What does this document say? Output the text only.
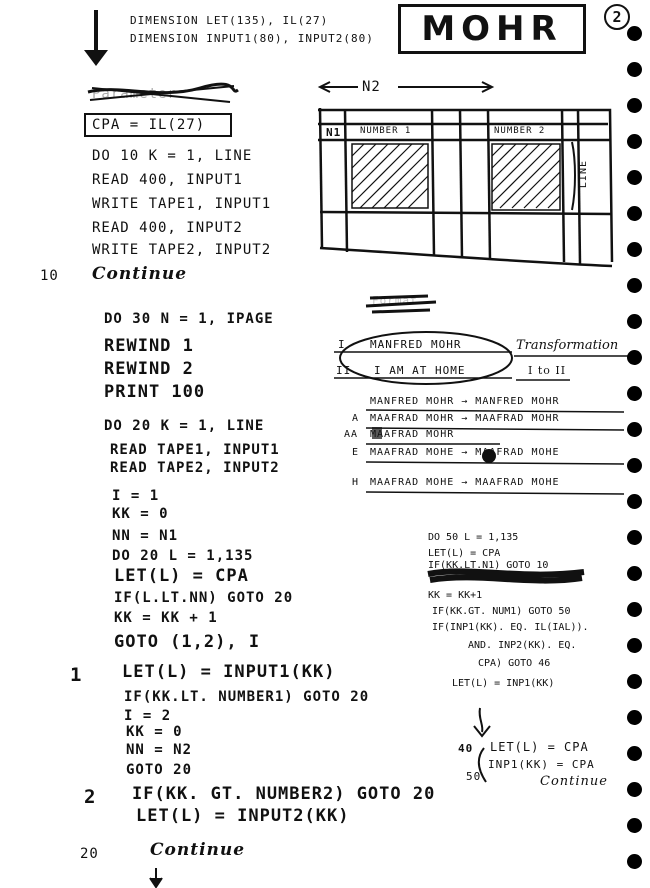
DIMENSION LET(135), IL(27)
DIMENSION INPUT1(80), INPUT2(80)	MOHR	2
Parameter
CPA = IL(27)
DO 10 K = 1, LINE
READ 400, INPUT1
WRITE TAPE1, INPUT1
READ 400, INPUT2
WRITE TAPE2, INPUT2
10 Continue
N2
N1 NUMBER 1	NUMBER 2
LINE
DO 30 N = 1, IPAGE
REWIND 1
REWIND 2
PRINT 100
DO 20 K = 1, LINE
READ TAPE1, INPUT1
READ TAPE2, INPUT2
I = 1
KK = 0
NN = N1
DO 20 L = 1,135
LET(L) = CPA
IF(L.LT.NN) GOTO 20
KK = KK + 1
GOTO (1,2), I
1 LET(L) = INPUT1(KK)
IF(KK.LT. NUMBER1) GOTO 20
I = 2
KK = 0
NN = N2
GOTO 20
2 IF(KK. GT. NUMBER2) GOTO 20
LET(L) = INPUT2(KK)
20	Continue
Format
I MANFRED MOHR
II I AM AT HOME
Transformation
I to II
MANFRED MOHR → MANFRED MOHR
A MAAFRAD MOHR → MAAFRAD MOHR
AA MAAFRAD MOHR
E MAAFRAD MOHE → MAAFRAD MOHE
H MAAFRAD MOHE → MAAFRAD MOHE
DO 50 L = 1,135
LET(L) = CPA
IF(KK.LT.N1) GOTO 10
KK = KK+1
IF(KK.GT. NUM1) GOTO 50
IF(INP1(KK). EQ. IL(IAL)).
AND. INP2(KK). EQ.
CPA) GOTO 46
LET(L) = INP1(KK)
40 LET(L) = CPA
INP1(KK) = CPA
50	Continue
